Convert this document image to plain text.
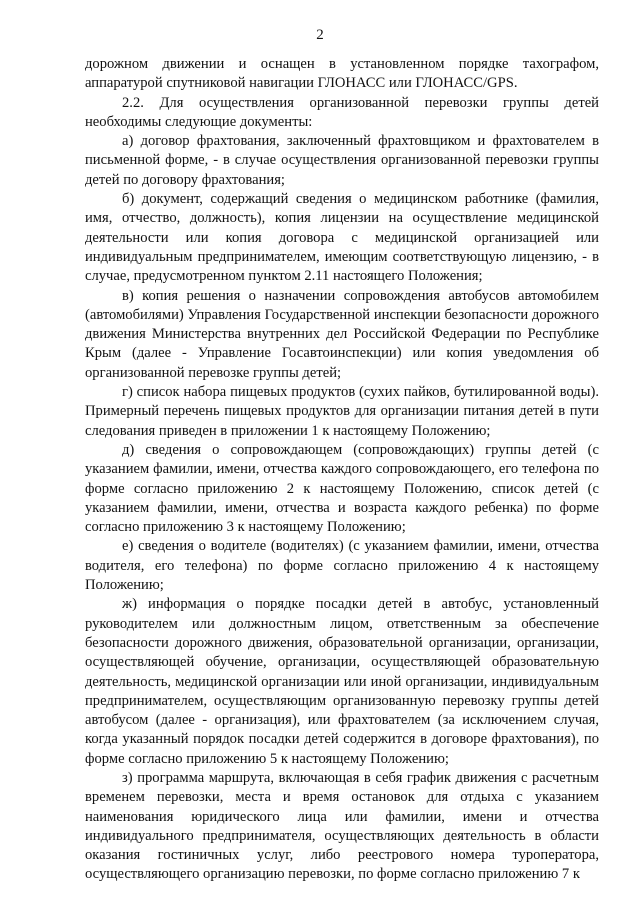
2

дорожном движении и оснащен в установленном порядке тахографом, аппаратурой спутниковой навигации ГЛОНАСС или ГЛОНАСС/GPS.

2.2. Для осуществления организованной перевозки группы детей необходимы следующие документы:

а) договор фрахтования, заключенный фрахтовщиком и фрахтователем в письменной форме, - в случае осуществления организованной перевозки группы детей по договору фрахтования;

б) документ, содержащий сведения о медицинском работнике (фамилия, имя, отчество, должность), копия лицензии на осуществление медицинской деятельности или копия договора с медицинской организацией или индивидуальным предпринимателем, имеющим соответствующую лицензию, - в случае, предусмотренном пунктом 2.11 настоящего Положения;

в) копия решения о назначении сопровождения автобусов автомобилем (автомобилями) Управления Государственной инспекции безопасности дорожного движения Министерства внутренних дел Российской Федерации по Республике Крым (далее - Управление Госавтоинспекции) или копия уведомления об организованной перевозке группы детей;

г) список набора пищевых продуктов (сухих пайков, бутилированной воды). Примерный перечень пищевых продуктов для организации питания детей в пути следования приведен в приложении 1 к настоящему Положению;

д) сведения о сопровождающем (сопровождающих) группы детей (с указанием фамилии, имени, отчества каждого сопровождающего, его телефона по форме согласно приложению 2 к настоящему Положению, список детей (с указанием фамилии, имени, отчества и возраста каждого ребенка) по форме согласно приложению 3 к настоящему Положению;

е) сведения о водителе (водителях) (с указанием фамилии, имени, отчества водителя, его телефона) по форме согласно приложению 4 к настоящему Положению;

ж) информация о порядке посадки детей в автобус, установленный руководителем или должностным лицом, ответственным за обеспечение безопасности дорожного движения, образовательной организации, организации, осуществляющей обучение, организации, осуществляющей образовательную деятельность, медицинской организации или иной организации, индивидуальным предпринимателем, осуществляющим организованную перевозку группы детей автобусом (далее - организация), или фрахтователем (за исключением случая, когда указанный порядок посадки детей содержится в договоре фрахтования), по форме согласно приложению 5 к настоящему Положению;

з) программа маршрута, включающая в себя график движения с расчетным временем перевозки, места и время остановок для отдыха с указанием наименования юридического лица или фамилии, имени и отчества индивидуального предпринимателя, осуществляющих деятельность в области оказания гостиничных услуг, либо реестрового номера туроператора, осуществляющего организацию перевозки, по форме согласно приложению 7 к
